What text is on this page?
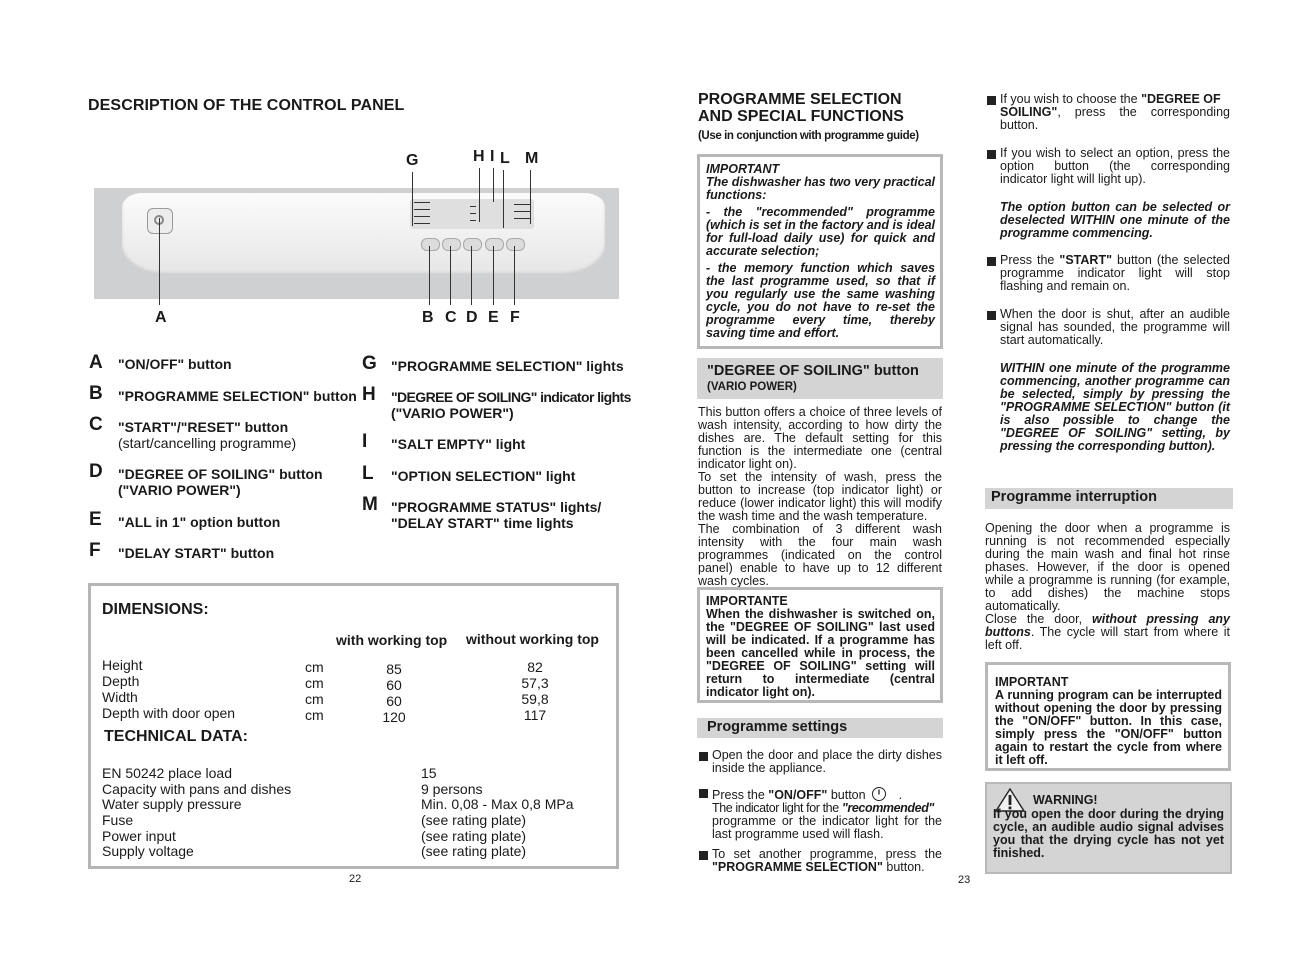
DESCRIPTION OF THE CONTROL PANEL
G	H I L M
A	B C D E F
A "ON/OFF" button
B "PROGRAMME SELECTION" button
C "START"/"RESET" button
(start/cancelling programme)
D "DEGREE OF SOILING" button
("VARIO POWER")
E "ALL in 1" option button
F "DELAY START" button
G "PROGRAMME SELECTION" lights
H "DEGREE OF SOILING" indicator lights
("VARIO POWER")
I "SALT EMPTY" light
L "OPTION SELECTION" light
M "PROGRAMME STATUS" lights/
"DELAY START" time lights
DIMENSIONS:
with working top without working top
Height	cm	85	82
Depth	cm	60	57,3
Width	cm	60	59,8
Depth with door open	cm	120	117
TECHNICAL DATA:
EN 50242 place load	15
Capacity with pans and dishes	9 persons
Water supply pressure	Min. 0,08 - Max 0,8 MPa
Fuse	(see rating plate)
Power input	(see rating plate)
Supply voltage	(see rating plate)
22
PROGRAMME SELECTION
AND SPECIAL FUNCTIONS
(Use in conjunction with programme guide)
IMPORTANT
The dishwasher has two very practical functions:
- the "recommended" programme (which is set in the factory and is ideal for full-load daily use) for quick and accurate selection;
- the memory function which saves the last programme used, so that if you regularly use the same washing cycle, you do not have to re-set the programme every time, thereby saving time and effort.
"DEGREE OF SOILING" button
(VARIO POWER)
This button offers a choice of three levels of wash intensity, according to how dirty the dishes are. The default setting for this function is the intermediate one (central indicator light on).
To set the intensity of wash, press the button to increase (top indicator light) or reduce (lower indicator light) this will modify the wash time and the wash temperature.
The combination of 3 different wash intensity with the four main wash programmes (indicated on the control panel) enable to have up to 12 different wash cycles.
IMPORTANTE
When the dishwasher is switched on, the "DEGREE OF SOILING" last used will be indicated. If a programme has been cancelled while in process, the "DEGREE OF SOILING" setting will return to intermediate (central indicator light on).
Programme settings
Open the door and place the dirty dishes inside the appliance.
Press the "ON/OFF" button	.
The indicator light for the "recommended"
programme or the indicator light for the last programme used will flash.
To set another programme, press the
"PROGRAMME SELECTION" button.
23
If you wish to choose the "DEGREE OF
SOILING", press the corresponding
button.
If you wish to select an option, press the option button (the corresponding indicator light will light up).
The option button can be selected or deselected WITHIN one minute of the programme commencing.
Press the "START" button (the selected programme indicator light will stop flashing and remain on.
When the door is shut, after an audible signal has sounded, the programme will start automatically.
WITHIN one minute of the programme commencing, another programme can be selected, simply by pressing the "PROGRAMME SELECTION" button (it is also possible to change the "DEGREE OF SOILING" setting, by pressing the corresponding button).
Programme interruption
Opening the door when a programme is running is not recommended especially during the main wash and final hot rinse phases. However, if the door is opened while a programme is running (for example, to add dishes) the machine stops automatically.
Close the door, without pressing any buttons. The cycle will start from where it left off.
IMPORTANT
A running program can be interrupted without opening the door by pressing the "ON/OFF" button. In this case, simply press the "ON/OFF" button again to restart the cycle from where it left off.
WARNING!
If you open the door during the drying cycle, an audible audio signal advises you that the drying cycle has not yet finished.
